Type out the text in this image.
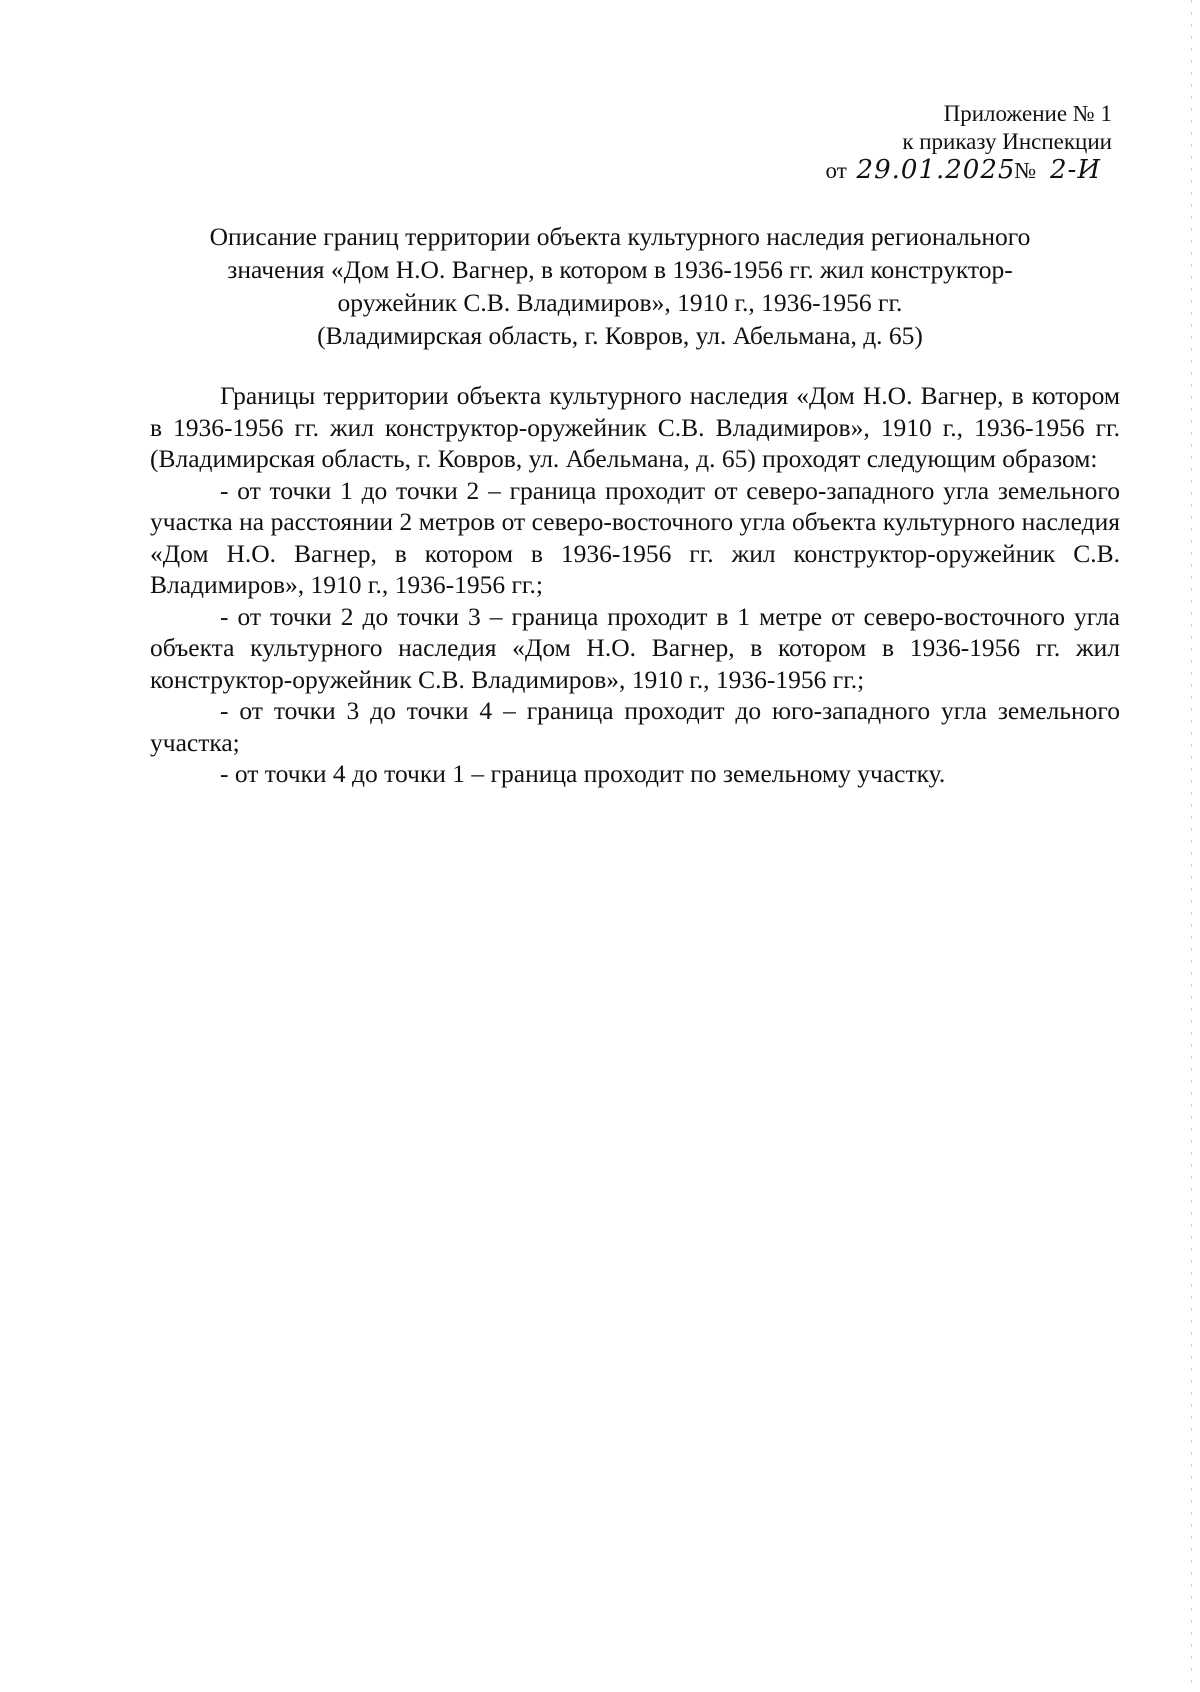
Приложение № 1
к приказу Инспекции
от 29.01.2025 № 2-И
Описание границ территории объекта культурного наследия регионального
значения «Дом Н.О. Вагнер, в котором в 1936-1956 гг. жил конструктор-
оружейник С.В. Владимиров», 1910 г., 1936-1956 гг.
(Владимирская область, г. Ковров, ул. Абельмана, д. 65)

Границы территории объекта культурного наследия «Дом Н.О. Вагнер, в котором в 1936-1956 гг. жил конструктор-оружейник С.В. Владимиров», 1910 г., 1936-1956 гг. (Владимирская область, г. Ковров, ул. Абельмана, д. 65) проходят следующим образом:

- от точки 1 до точки 2 – граница проходит от северо-западного угла земельного участка на расстоянии 2 метров от северо-восточного угла объекта культурного наследия «Дом Н.О. Вагнер, в котором в 1936-1956 гг. жил конструктор-оружейник С.В. Владимиров», 1910 г., 1936-1956 гг.;

- от точки 2 до точки 3 – граница проходит в 1 метре от северо-восточного угла объекта культурного наследия «Дом Н.О. Вагнер, в котором в 1936-1956 гг. жил конструктор-оружейник С.В. Владимиров», 1910 г., 1936-1956 гг.;

- от точки 3 до точки 4 – граница проходит до юго-западного угла земельного участка;

- от точки 4 до точки 1 – граница проходит по земельному участку.
